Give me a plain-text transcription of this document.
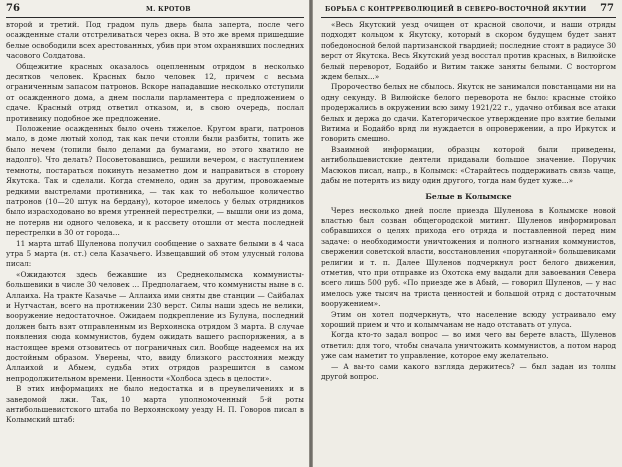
76	М. КРОТОВ

второй и третий. Под градом пуль дверь была заперта, после чего осажденные стали отстреливаться через окна. В это же время пришедшие белые освободили всех арестованных, убив при этом охранявших последних часового Солдатова.

Общежитие красных оказалось оцепленным отрядом в несколько десятков человек. Красных было человек 12, причем с весьма ограниченным запасом патронов. Вскоре нападавшие несколько отступили от осажденного дома, а днем послали парламентера с предложением о сдаче. Красный отряд ответил отказом, и, в свою очередь, послал противнику подобное же предложение.

Положение осажденных было очень тяжелое. Кругом враги, патронов мало, в доме лютый холод, так как печи стояли были разбиты, топить же было нечем (топили было делами да бумагами, но этого хватило не надолго). Что делать? Посоветовавшись, решили вечером, с наступлением темноты, постараться покинуть незаметно дом и направиться в сторону Якутска. Так и сделали. Когда стемнело, один за другим, провожаемые редкими выстрелами противника, — так как то небольшое количество патронов (10—20 штук на бердану), которое имелось у белых отрядников было израсходовано во время утренней перестрелки, — вышли они из дома, не потеряв ни одного человека, и к рассвету отошли от места последней перестрелки в 30 от города…

11 марта штаб Шуленова получил сообщение о захвате белыми в 4 часа утра 5 марта (н. ст.) села Казачьего. Извещавший об этом улусный голова писал:

«Ожидаются здесь бежавшие из Среднеколымска коммунисты-большевики в числе 30 человек … Предполагаем, что коммунисты ныне в с. Аллаиха. На тракте Казачье — Аллаиха ими сняты две станции — Сайбалах и Нутчастан, всего на протяжении 230 верст. Силы наши здесь не велики, вооружение недостаточное. Ожидаем подкрепление из Булуна, последний должен быть взят отправленным из Верхоянска отрядом 3 марта. В случае появления сюда коммунистов, будем ожидать вашего распоряжения, а в настоящее время отзовитесь от пограничных сил. Вообще надеемся на их достойным образом. Уверены, что, ввиду близкого расстояния между Аллаихой и Абыем, судьба этих отрядов разрешится в самом непродолжительном времени. Ценности «Холбоса здесь в целости».

В этих информациях не было недостатка и в преувеличениях и в заведомой лжи. Так, 10 марта уполномоченный 5-й роты антибольшевистского штаба по Верхоянскому уезду Н. П. Говоров писал в Колымский штаб:

БОРЬБА С КОНТРРЕВОЛЮЦИЕЙ В СЕВЕРО-ВОСТОЧНОЙ ЯКУТИИ 77

«Весь Якутский уезд очищен от красной сволочи, и наши отряды подходят кольцом к Якутску, который в скором будущем будет занят победоносной белой партизанской гвардией; последние стоят в радиусе 30 верст от Якутска. Весь Якутский уезд восстал против красных, в Вилюйске белый переворот, Бодайбо и Витим также заняты белыми. С восторгом ждем белых...»

Пророчество белых не сбылось. Якутск не занимался повстанцами ни на одну секунду. В Вилюйске белого переворота не было: красные стойко продержались в окружении всю зиму 1921/22 г., удачно отбивая все атаки белых и держа до сдачи. Категорическое утверждение про взятие белыми Витима и Бодайбо вряд ли нуждается в опровержении, а про Иркутск и говорить смешно.

Взаимной информации, образцы которой были приведены, антибольшевистские деятели придавали большое значение. Поручик Масюков писал, напр., в Колымск: «Старайтесь поддерживать связь чаще, дабы не потерять из виду один другого, тогда нам будет хуже...»

Белые в Колымске

Через несколько дней после приезда Шуленова в Колымске новой властью был созван общегородской митинг. Шуленов информировал собравшихся о целях прихода его отряда и поставленной перед ним задаче: о необходимости уничтожения и полного изгнания коммунистов, свержения советской власти, восстановления «поруганной» большевиками религии и т. п. Далее Шуленов подчеркнул рост белого движения, отметив, что при отправке из Охотска ему выдали для завоевания Севера всего лишь 500 руб. «По приезде же в Абый, — говорил Шуленов, — у нас имелось уже тысяч на триста ценностей и большой отряд с достаточным вооружением».

Этим он хотел подчеркнуть, что население всюду устраивало ему хороший прием и что и колымчанам не надо отставать от улуса.

Когда кто-то задал вопрос — во имя чего вы берете власть, Шуленов ответил: для того, чтобы сначала уничтожить коммунистов, а потом народ уже сам наметит то управление, которое ему желательно.

— А вы-то сами какого взгляда держитесь? — был задан из толпы другой вопрос.
